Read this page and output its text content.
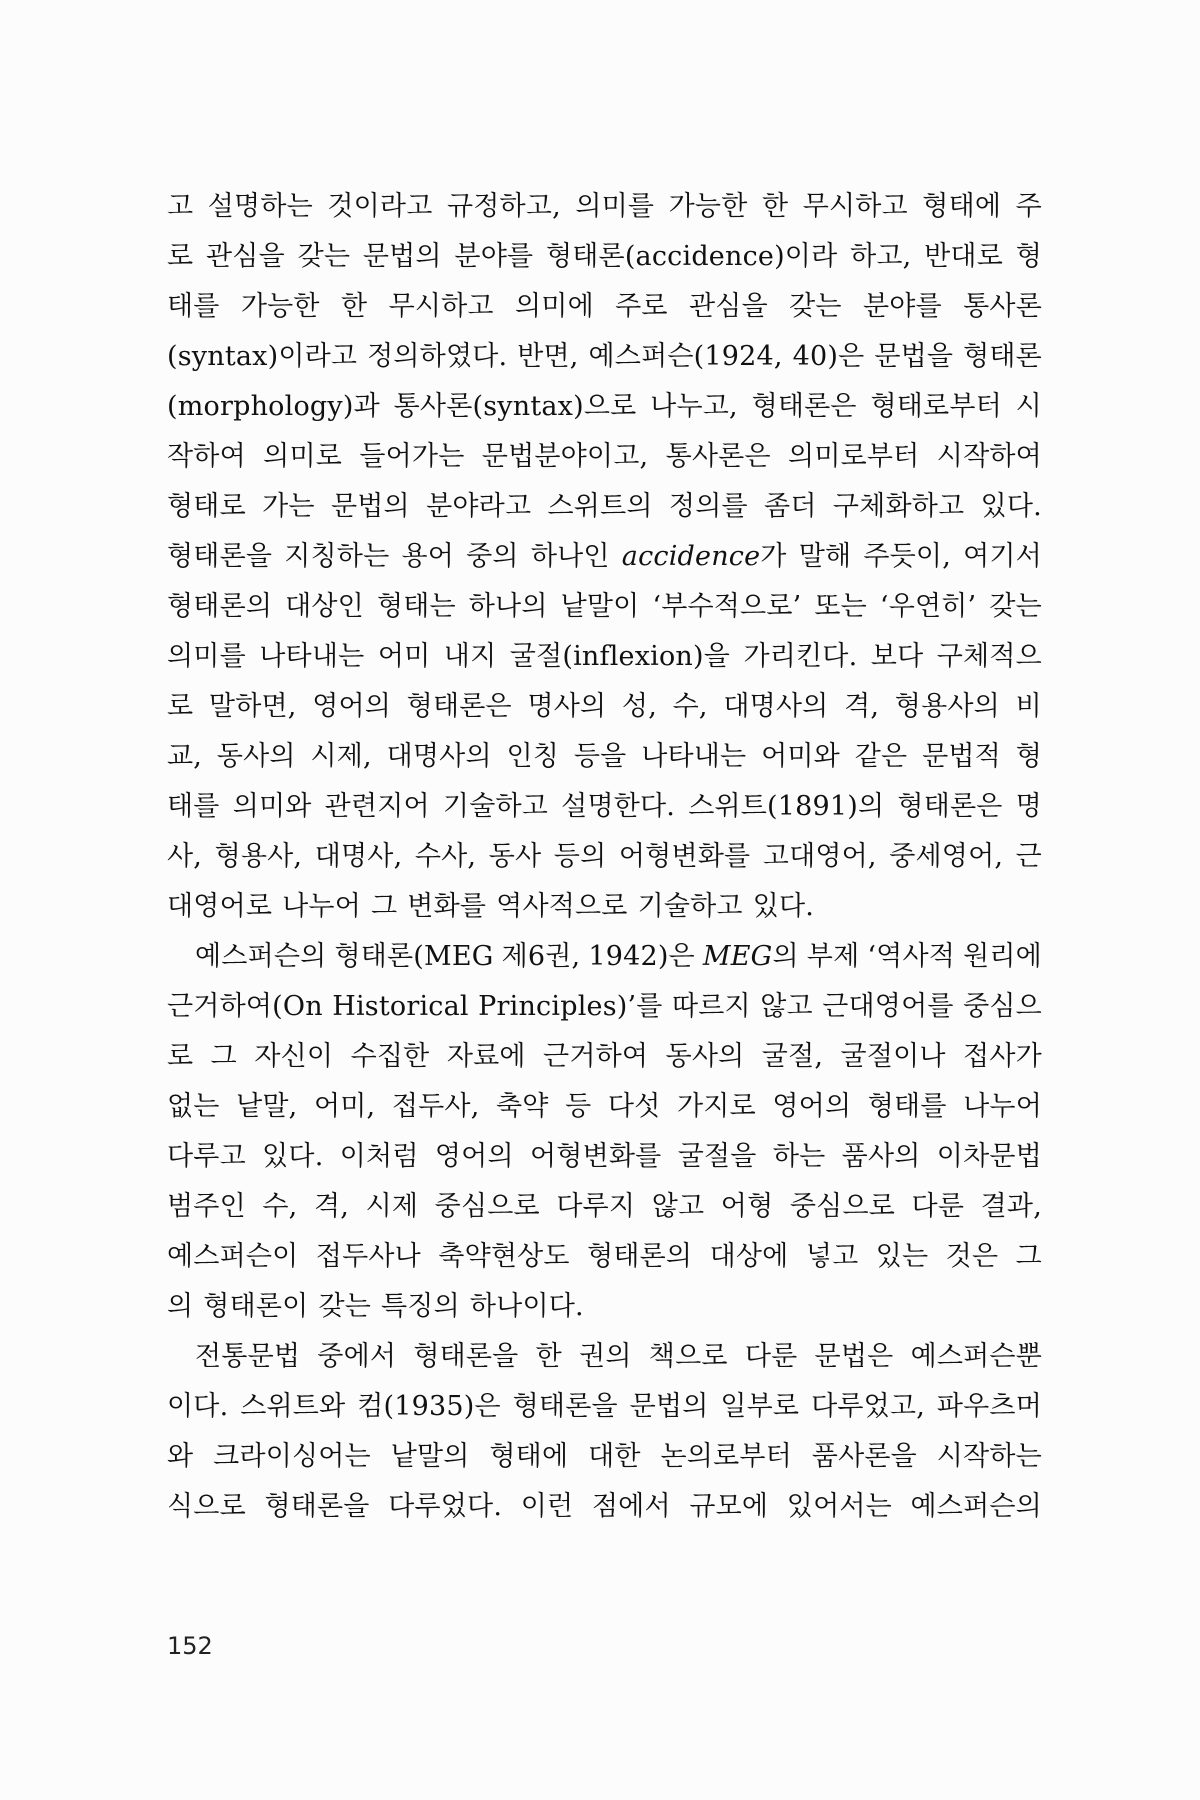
고 설명하는 것이라고 규정하고, 의미를 가능한 한 무시하고 형태에 주
로 관심을 갖는 문법의 분야를 형태론(accidence)이라 하고, 반대로 형
태를 가능한 한 무시하고 의미에 주로 관심을 갖는 분야를 통사론
(syntax)이라고 정의하였다. 반면, 예스퍼슨(1924, 40)은 문법을 형태론
(morphology)과 통사론(syntax)으로 나누고, 형태론은 형태로부터 시
작하여 의미로 들어가는 문법분야이고, 통사론은 의미로부터 시작하여
형태로 가는 문법의 분야라고 스위트의 정의를 좀더 구체화하고 있다.
형태론을 지칭하는 용어 중의 하나인 accidence가 말해 주듯이, 여기서
형태론의 대상인 형태는 하나의 낱말이 ‘부수적으로’ 또는 ‘우연히’ 갖는
의미를 나타내는 어미 내지 굴절(inflexion)을 가리킨다. 보다 구체적으
로 말하면, 영어의 형태론은 명사의 성, 수, 대명사의 격, 형용사의 비
교, 동사의 시제, 대명사의 인칭 등을 나타내는 어미와 같은 문법적 형
태를 의미와 관련지어 기술하고 설명한다. 스위트(1891)의 형태론은 명
사, 형용사, 대명사, 수사, 동사 등의 어형변화를 고대영어, 중세영어, 근
대영어로 나누어 그 변화를 역사적으로 기술하고 있다.
예스퍼슨의 형태론(MEG 제6권, 1942)은 MEG의 부제 ‘역사적 원리에
근거하여(On Historical Principles)’를 따르지 않고 근대영어를 중심으
로 그 자신이 수집한 자료에 근거하여 동사의 굴절, 굴절이나 접사가
없는 낱말, 어미, 접두사, 축약 등 다섯 가지로 영어의 형태를 나누어
다루고 있다. 이처럼 영어의 어형변화를 굴절을 하는 품사의 이차문법
범주인 수, 격, 시제 중심으로 다루지 않고 어형 중심으로 다룬 결과,
예스퍼슨이 접두사나 축약현상도 형태론의 대상에 넣고 있는 것은 그
의 형태론이 갖는 특징의 하나이다.
전통문법 중에서 형태론을 한 권의 책으로 다룬 문법은 예스퍼슨뿐
이다. 스위트와 컴(1935)은 형태론을 문법의 일부로 다루었고, 파우츠머
와 크라이싱어는 낱말의 형태에 대한 논의로부터 품사론을 시작하는
식으로 형태론을 다루었다. 이런 점에서 규모에 있어서는 예스퍼슨의
152
